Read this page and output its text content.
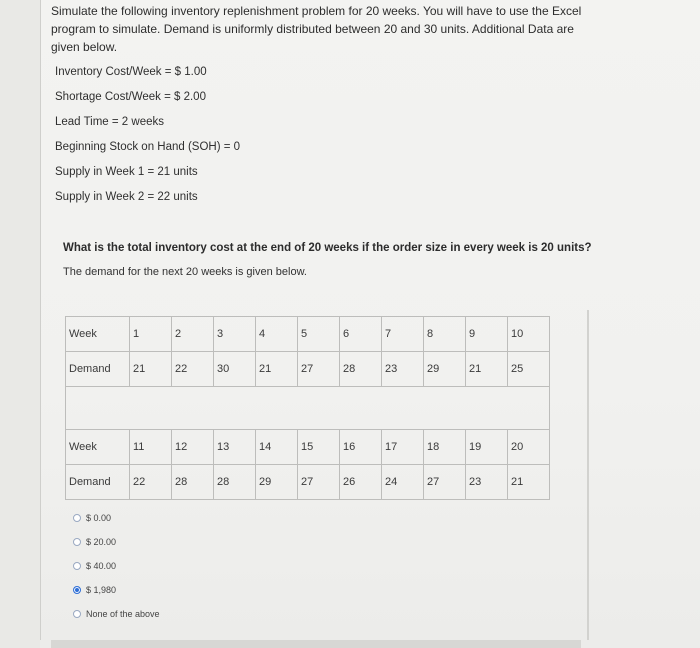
Simulate the following inventory replenishment problem for 20 weeks. You will have to use the Excel program to simulate. Demand is uniformly distributed between 20 and 30 units. Additional Data are given below.
Inventory Cost/Week = $ 1.00
Shortage Cost/Week = $ 2.00
Lead Time = 2 weeks
Beginning Stock on Hand (SOH) = 0
Supply in Week 1 = 21 units
Supply in Week 2 = 22 units
What is the total inventory cost at the end of 20 weeks if the order size in every week is 20 units?
The demand for the next 20 weeks is given below.
Week	1	2	3	4	5	6	7	8	9	10
Demand	21	22	30	21	27	28	23	29	21	25

Week	11	12	13	14	15	16	17	18	19	20
Demand	22	28	28	29	27	26	24	27	23	21
$ 0.00
$ 20.00
$ 40.00
$ 1,980
None of the above
